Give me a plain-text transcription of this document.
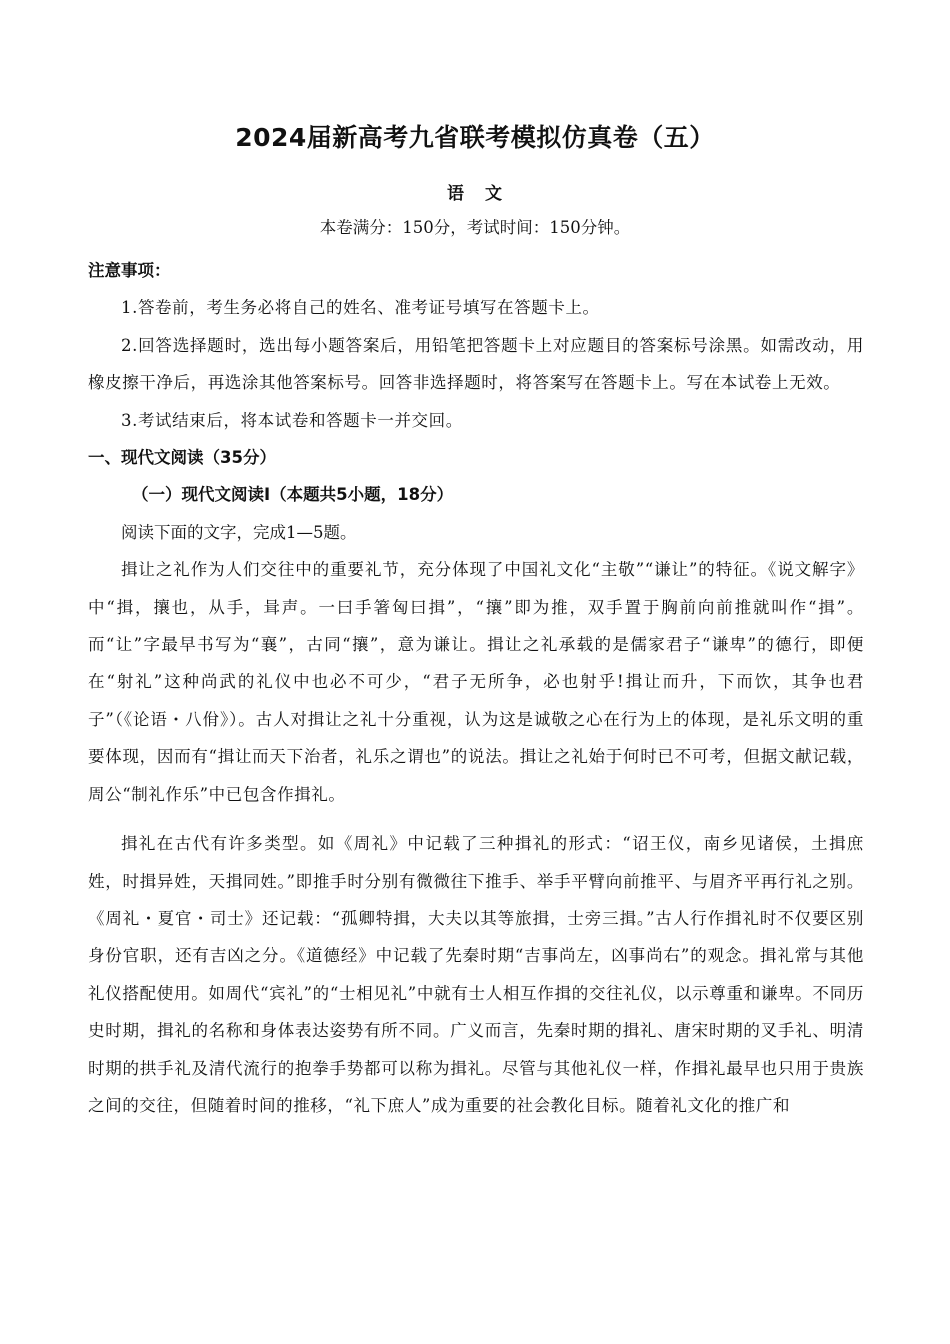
2024届新高考九省联考模拟仿真卷（五）
语 文
本卷满分：150分，考试时间：150分钟。

注意事项：

1.答卷前，考生务必将自己的姓名、准考证号填写在答题卡上。

2.回答选择题时，选出每小题答案后，用铅笔把答题卡上对应题目的答案标号涂黑。如需改动，用橡皮擦干净后，再选涂其他答案标号。回答非选择题时，将答案写在答题卡上。写在本试卷上无效。

3.考试结束后，将本试卷和答题卡一并交回。

一、现代文阅读（35分）

（一）现代文阅读I（本题共5小题，18分）

阅读下面的文字，完成1—5题。

揖让之礼作为人们交往中的重要礼节，充分体现了中国礼文化“主敬”“谦让”的特征。《说文解字》中“揖，攘也，从手，咠声。一曰手箸匈曰揖”，“攘”即为推，双手置于胸前向前推就叫作“揖”。而“让”字最早书写为“襄”，古同“攘”，意为谦让。揖让之礼承载的是儒家君子“谦卑”的德行，即便在“射礼”这种尚武的礼仪中也必不可少，“君子无所争，必也射乎!揖让而升，下而饮，其争也君子”（《论语・八佾》）。古人对揖让之礼十分重视，认为这是诚敬之心在行为上的体现，是礼乐文明的重要体现，因而有“揖让而天下治者，礼乐之谓也”的说法。揖让之礼始于何时已不可考，但据文献记载，周公“制礼作乐”中已包含作揖礼。

揖礼在古代有许多类型。如《周礼》中记载了三种揖礼的形式：“诏王仪，南乡见诸侯，土揖庶姓，时揖异姓，天揖同姓。”即推手时分别有微微往下推手、举手平臂向前推平、与眉齐平再行礼之别。《周礼・夏官・司士》还记载：“孤卿特揖，大夫以其等旅揖，士旁三揖。”古人行作揖礼时不仅要区别身份官职，还有吉凶之分。《道德经》中记载了先秦时期“吉事尚左，凶事尚右”的观念。揖礼常与其他礼仪搭配使用。如周代“宾礼”的“士相见礼”中就有士人相互作揖的交往礼仪，以示尊重和谦卑。不同历史时期，揖礼的名称和身体表达姿势有所不同。广义而言，先秦时期的揖礼、唐宋时期的叉手礼、明清时期的拱手礼及清代流行的抱拳手势都可以称为揖礼。尽管与其他礼仪一样，作揖礼最早也只用于贵族之间的交往，但随着时间的推移，“礼下庶人”成为重要的社会教化目标。随着礼文化的推广和
